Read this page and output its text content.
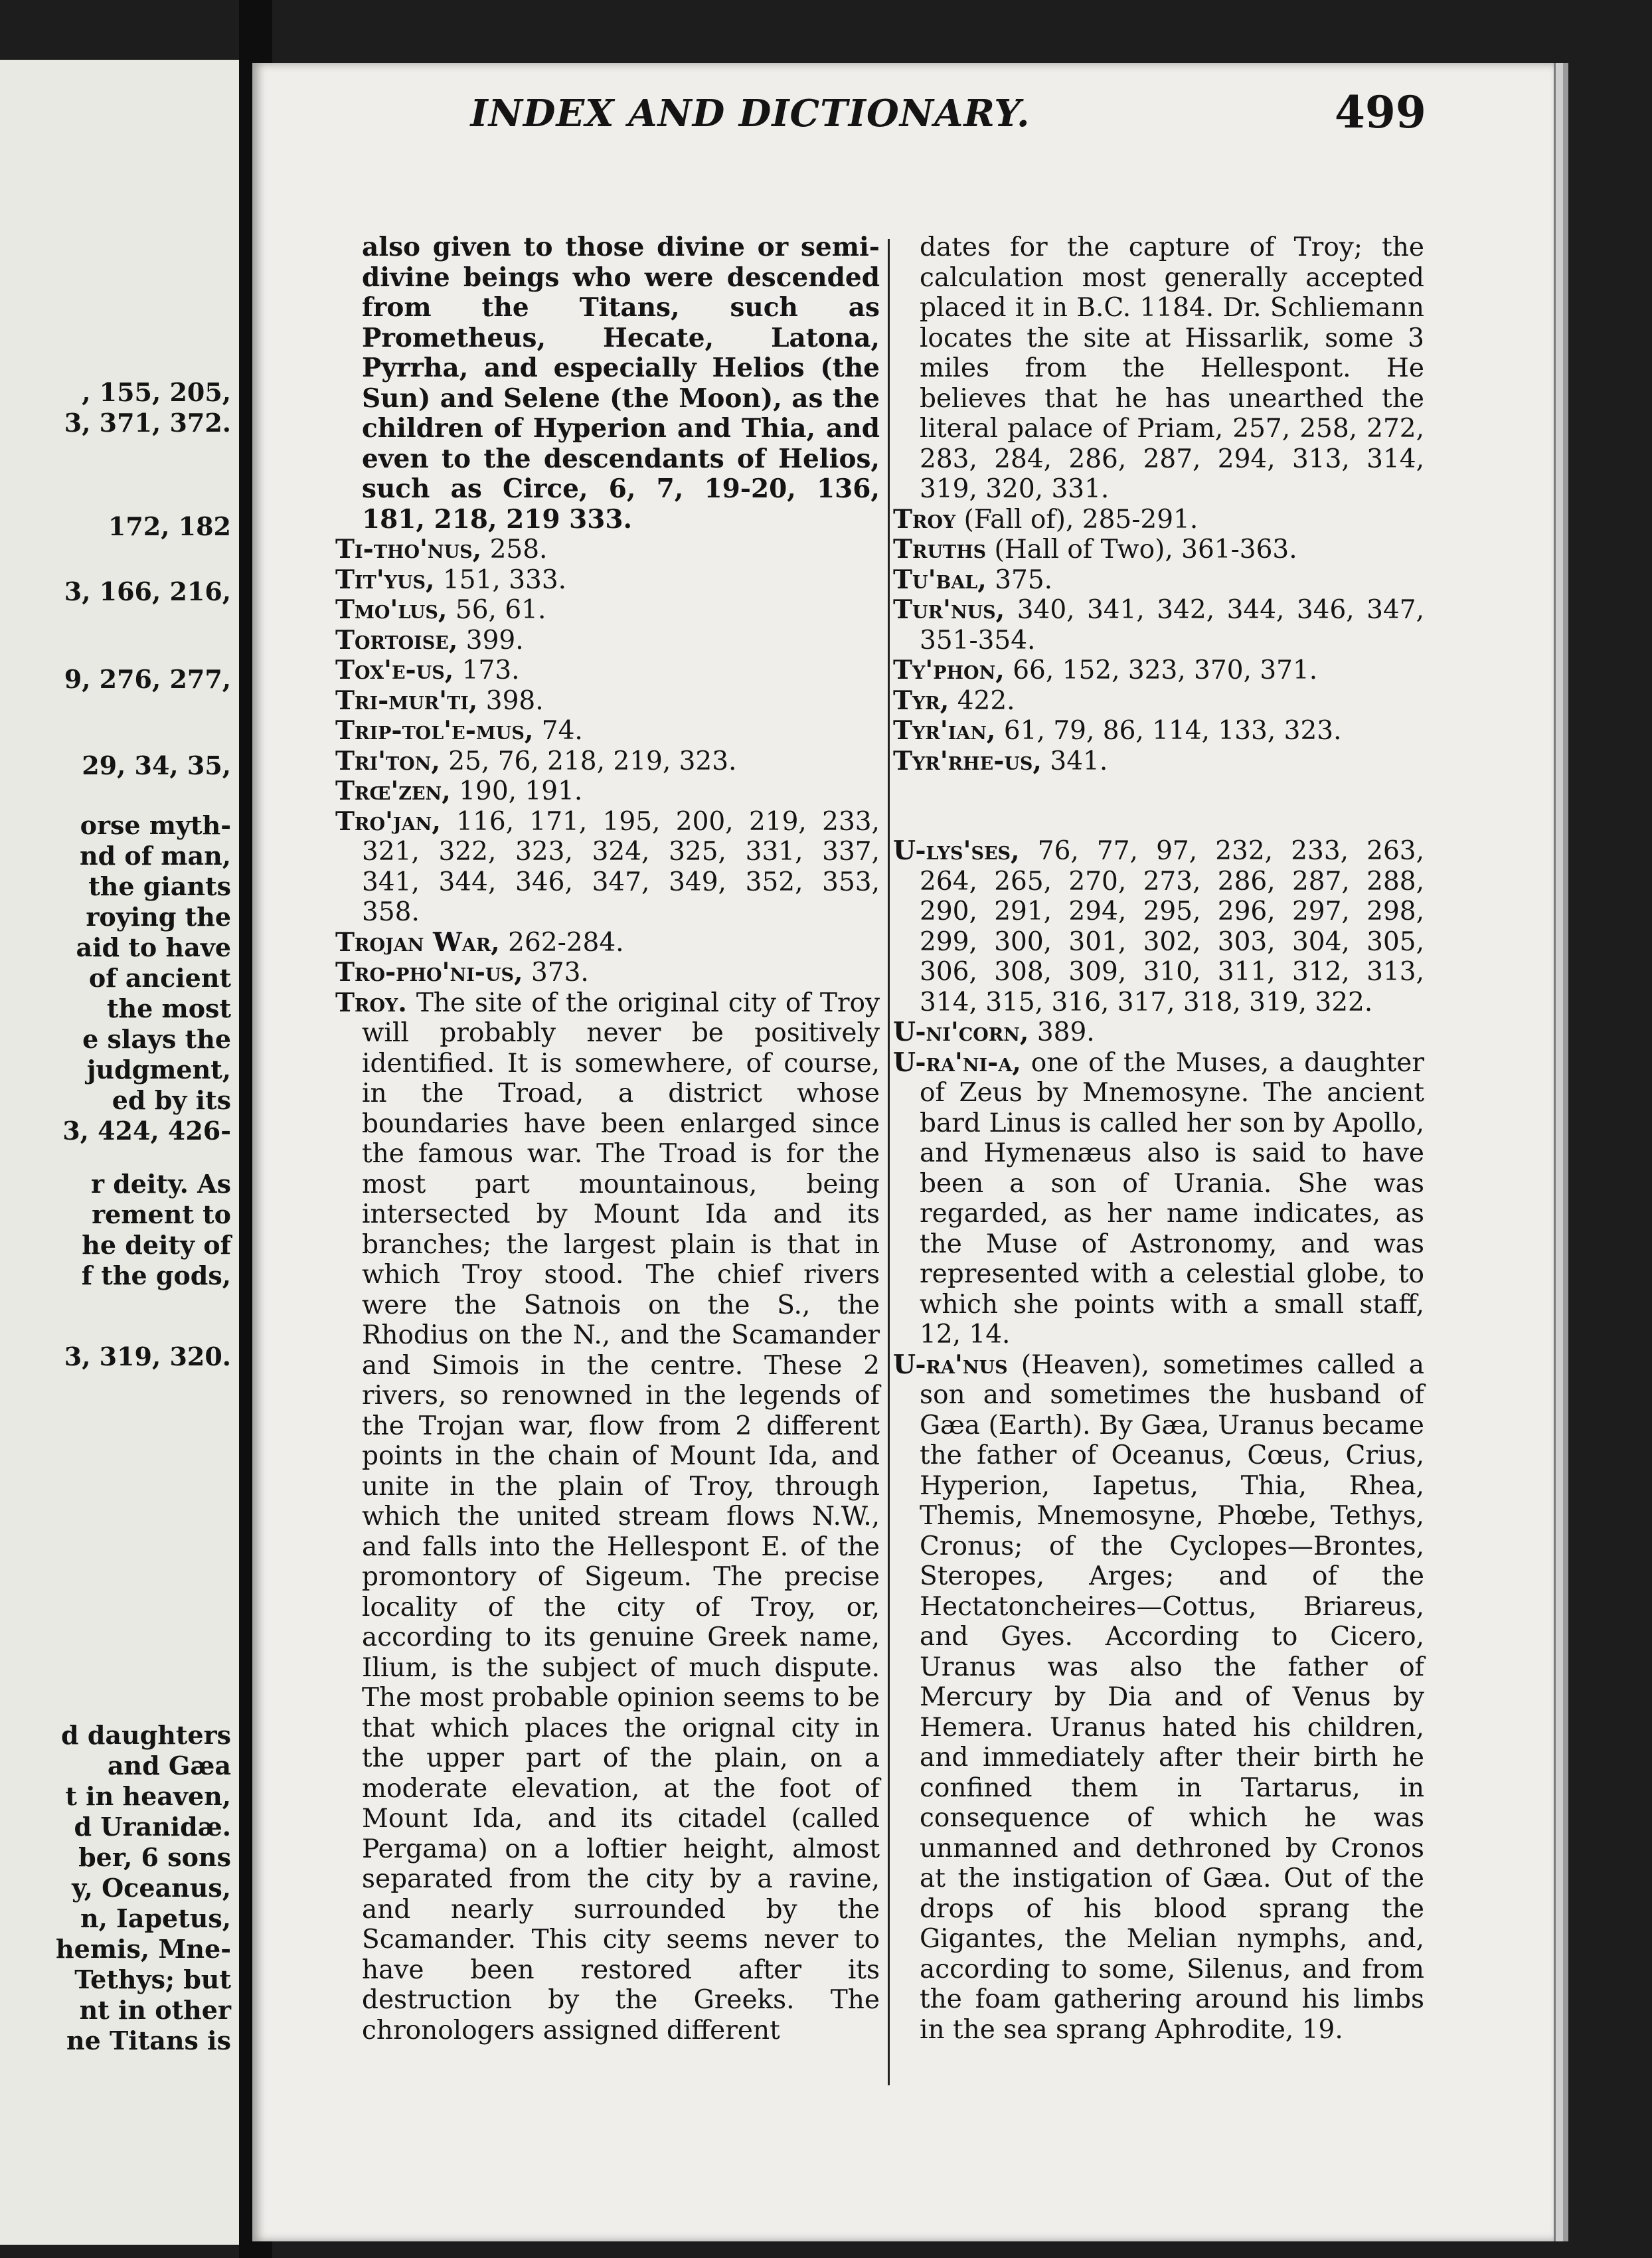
, 155, 205,
3, 371, 372.
172, 182
3, 166, 216,
9, 276, 277,
29, 34, 35,
orse myth-
nd of man,
the giants
roying the
aid to have
of ancient
the most
e slays the
judgment,
ed by its
3, 424, 426-
r deity. As
rement to
he deity of
f the gods,
3, 319, 320.
d daughters
and Gæa
t in heaven,
d Uranidæ.
ber, 6 sons
y, Oceanus,
n, Iapetus,
hemis, Mne-
Tethys; but
nt in other
ne Titans is
INDEX AND DICTIONARY.	499
also given to those divine or semi-divine beings who were descended from the Titans, such as Prometheus, Hecate, Latona, Pyrrha, and especially Helios (the Sun) and Selene (the Moon), as the children of Hyperion and Thia, and even to the descendants of Helios, such as Circe, 6, 7, 19-20, 136, 181, 218, 219 333.
Ti-tho'nus, 258.
Tit'yus, 151, 333.
Tmo'lus, 56, 61.
Tortoise, 399.
Tox'e-us, 173.
Tri-mur'ti, 398.
Trip-tol'e-mus, 74.
Tri'ton, 25, 76, 218, 219, 323.
Trœ'zen, 190, 191.
Tro'jan, 116, 171, 195, 200, 219, 233, 321, 322, 323, 324, 325, 331, 337, 341, 344, 346, 347, 349, 352, 353, 358.
Trojan War, 262-284.
Tro-pho'ni-us, 373.
Troy. The site of the original city of Troy will probably never be positively identified. It is somewhere, of course, in the Troad, a district whose boundaries have been enlarged since the famous war. The Troad is for the most part mountainous, being intersected by Mount Ida and its branches; the largest plain is that in which Troy stood. The chief rivers were the Satnois on the S., the Rhodius on the N., and the Scamander and Simois in the centre. These 2 rivers, so renowned in the legends of the Trojan war, flow from 2 different points in the chain of Mount Ida, and unite in the plain of Troy, through which the united stream flows N.W., and falls into the Hellespont E. of the promontory of Sigeum. The precise locality of the city of Troy, or, according to its genuine Greek name, Ilium, is the subject of much dispute. The most probable opinion seems to be that which places the orignal city in the upper part of the plain, on a moderate elevation, at the foot of Mount Ida, and its citadel (called Pergama) on a loftier height, almost separated from the city by a ravine, and nearly surrounded by the Scamander. This city seems never to have been restored after its destruction by the Greeks. The chronologers assigned different
dates for the capture of Troy; the calculation most generally accepted placed it in B.C. 1184. Dr. Schliemann locates the site at Hissarlik, some 3 miles from the Hellespont. He believes that he has unearthed the literal palace of Priam, 257, 258, 272, 283, 284, 286, 287, 294, 313, 314, 319, 320, 331.
Troy (Fall of), 285-291.
Truths (Hall of Two), 361-363.
Tu'bal, 375.
Tur'nus, 340, 341, 342, 344, 346, 347, 351-354.
Ty'phon, 66, 152, 323, 370, 371.
Tyr, 422.
Tyr'ian, 61, 79, 86, 114, 133, 323.
Tyr'rhe-us, 341.
U-lys'ses, 76, 77, 97, 232, 233, 263, 264, 265, 270, 273, 286, 287, 288, 290, 291, 294, 295, 296, 297, 298, 299, 300, 301, 302, 303, 304, 305, 306, 308, 309, 310, 311, 312, 313, 314, 315, 316, 317, 318, 319, 322.
U-ni'corn, 389.
U-ra'ni-a, one of the Muses, a daughter of Zeus by Mnemosyne. The ancient bard Linus is called her son by Apollo, and Hymenæus also is said to have been a son of Urania. She was regarded, as her name indicates, as the Muse of Astronomy, and was represented with a celestial globe, to which she points with a small staff, 12, 14.
U-ra'nus (Heaven), sometimes called a son and sometimes the husband of Gæa (Earth). By Gæa, Uranus became the father of Oceanus, Cœus, Crius, Hyperion, Iapetus, Thia, Rhea, Themis, Mnemosyne, Phœbe, Tethys, Cronus; of the Cyclopes—Brontes, Steropes, Arges; and of the Hectatoncheires—Cottus, Briareus, and Gyes. According to Cicero, Uranus was also the father of Mercury by Dia and of Venus by Hemera. Uranus hated his children, and immediately after their birth he confined them in Tartarus, in consequence of which he was unmanned and dethroned by Cronos at the instigation of Gæa. Out of the drops of his blood sprang the Gigantes, the Melian nymphs, and, according to some, Silenus, and from the foam gathering around his limbs in the sea sprang Aphrodite, 19.
